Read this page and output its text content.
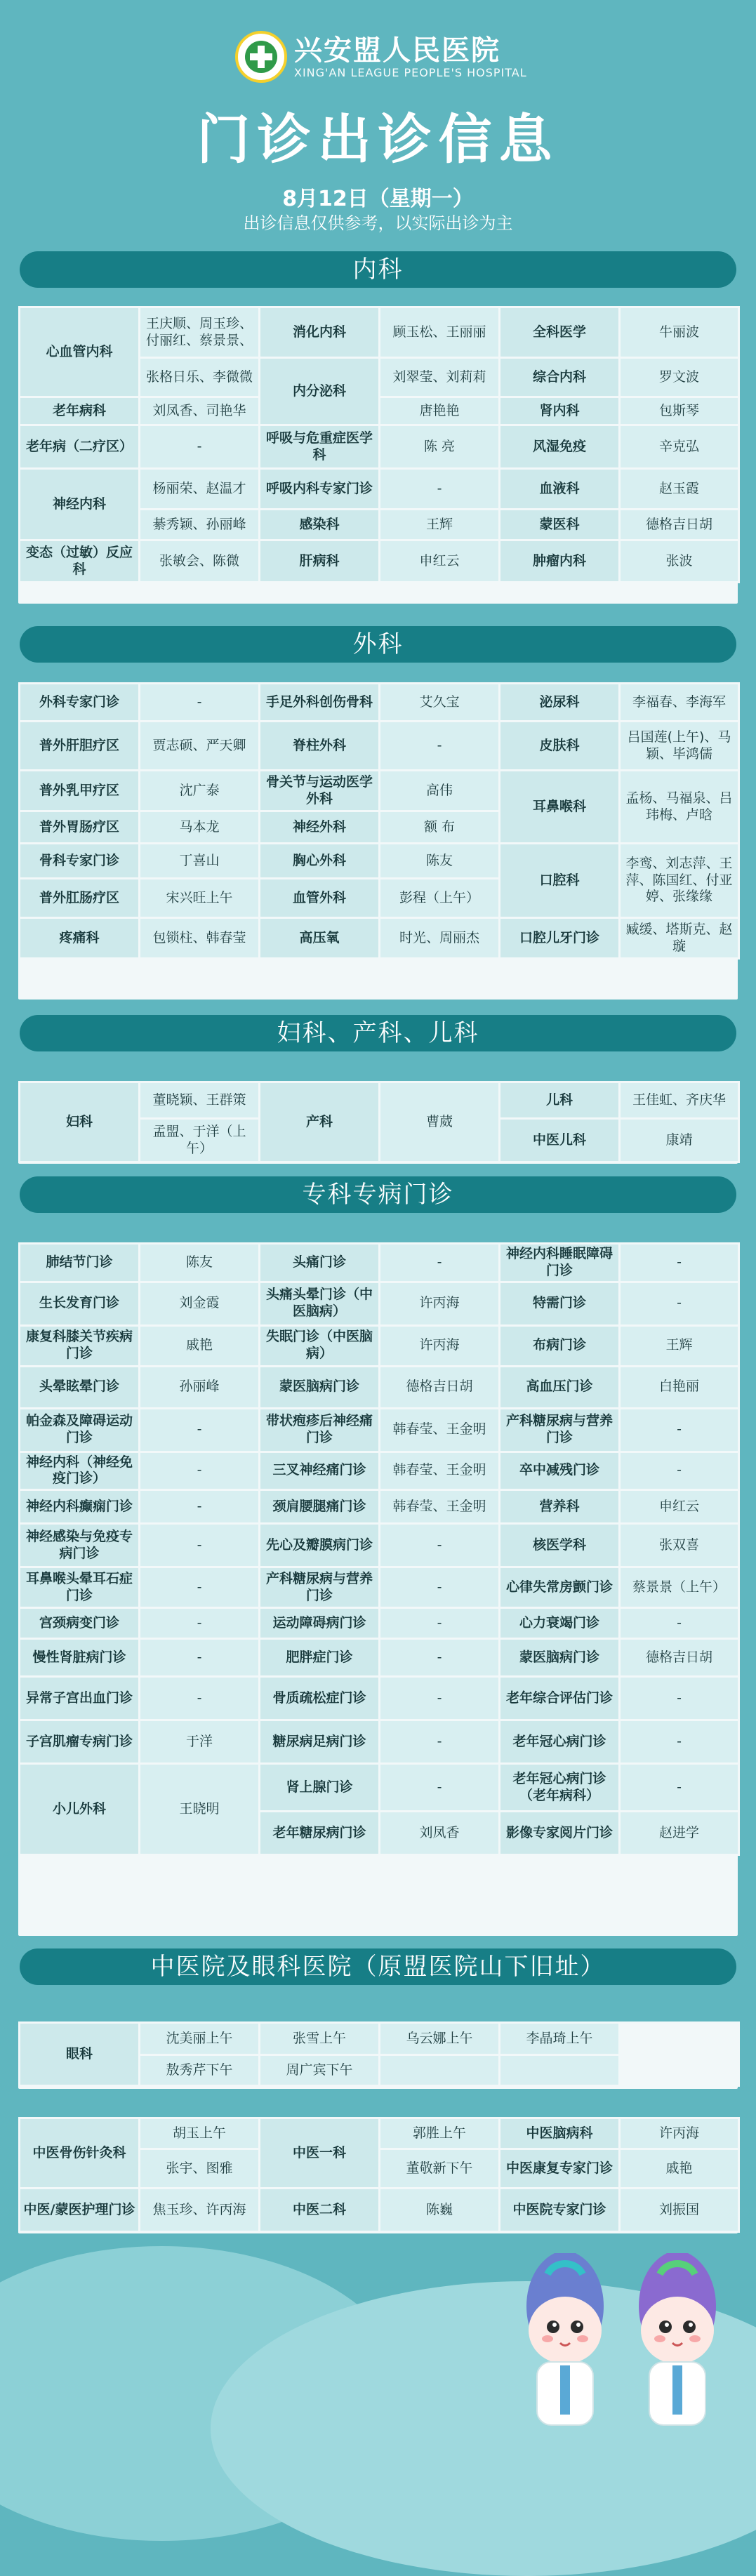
兴安盟人民医院
XING'AN LEAGUE PEOPLE'S HOSPITAL
门诊出诊信息
8月12日（星期一）
出诊信息仅供参考，以实际出诊为主
内科
心血管内科	王庆顺、周玉珍、付丽红、蔡景景、	消化内科	顾玉松、王丽丽	全科医学	牛丽波
	张格日乐、李微微	内分泌科	刘翠莹、刘莉莉	综合内科	罗文波
老年病科	刘凤香、司艳华		唐艳艳	肾内科	包斯琴
老年病（二疗区）	-	呼吸与危重症医学科	陈 亮	风湿免疫	辛克弘
神经内科	杨丽荣、赵温才	呼吸内科专家门诊	-	血液科	赵玉霞
	綦秀颖、孙丽峰	感染科	王辉	蒙医科	德格吉日胡
变态（过敏）反应科	张敏会、陈微	肝病科	申红云	肿瘤内科	张波
外科
外科专家门诊	-	手足外科创伤骨科	艾久宝	泌尿科	李福春、李海军
普外肝胆疗区	贾志硕、严天卿	脊柱外科	-	皮肤科	吕国莲(上午)、马颖、毕鸿儒
普外乳甲疗区	沈广泰	骨关节与运动医学外科	高伟	耳鼻喉科	孟杨、马福泉、吕玮梅、卢晗
普外胃肠疗区	马本龙	神经外科	额 布		
骨科专家门诊	丁喜山	胸心外科	陈友	口腔科	李鸾、刘志萍、王萍、陈国红、付亚婷、张缘缘
普外肛肠疗区	宋兴旺上午	血管外科	彭程（上午）		
疼痛科	包锁柱、韩春莹	高压氧	时光、周丽杰	口腔儿牙门诊	臧缓、塔斯克、赵璇
妇科、产科、儿科
妇科	董晓颖、王群策	产科	曹葳	儿科	王佳虹、齐庆华
	孟盟、于洋（上午）			中医儿科	康靖
专科专病门诊
肺结节门诊	陈友	头痛门诊	-	神经内科睡眠障碍门诊	-
生长发育门诊	刘金霞	头痛头晕门诊（中医脑病）	许丙海	特需门诊	-
康复科膝关节疾病门诊	戚艳	失眠门诊（中医脑病）	许丙海	布病门诊	王辉
头晕眩晕门诊	孙丽峰	蒙医脑病门诊	德格吉日胡	高血压门诊	白艳丽
帕金森及障碍运动门诊	-	带状疱疹后神经痛门诊	韩春莹、王金明	产科糖尿病与营养门诊	-
神经内科（神经免疫门诊）	-	三叉神经痛门诊	韩春莹、王金明	卒中减残门诊	-
神经内科癫痫门诊	-	颈肩腰腿痛门诊	韩春莹、王金明	营养科	申红云
神经感染与免疫专病门诊	-	先心及瓣膜病门诊	-	核医学科	张双喜
耳鼻喉头晕耳石症门诊	-	产科糖尿病与营养门诊	-	心律失常房颤门诊	蔡景景（上午）
宫颈病变门诊	-	运动障碍病门诊	-	心力衰竭门诊	-
慢性肾脏病门诊	-	肥胖症门诊	-	蒙医脑病门诊	德格吉日胡
异常子宫出血门诊	-	骨质疏松症门诊	-	老年综合评估门诊	-
子宫肌瘤专病门诊	于洋	糖尿病足病门诊	-	老年冠心病门诊	-
小儿外科	王晓明	肾上腺门诊	-	老年冠心病门诊（老年病科）	-
		老年糖尿病门诊	刘凤香	影像专家阅片门诊	赵进学
中医院及眼科医院（原盟医院山下旧址）
眼科	沈美丽上午	张雪上午	乌云娜上午	李晶琦上午	
	敖秀芹下午	周广宾下午			
中医骨伤针灸科	胡玉上午	中医一科	郭胜上午	中医脑病科	许丙海
	张宇、图雅		董敬新下午	中医康复专家门诊	戚艳
中医/蒙医护理门诊	焦玉珍、许丙海	中医二科	陈巍	中医院专家门诊	刘振国
